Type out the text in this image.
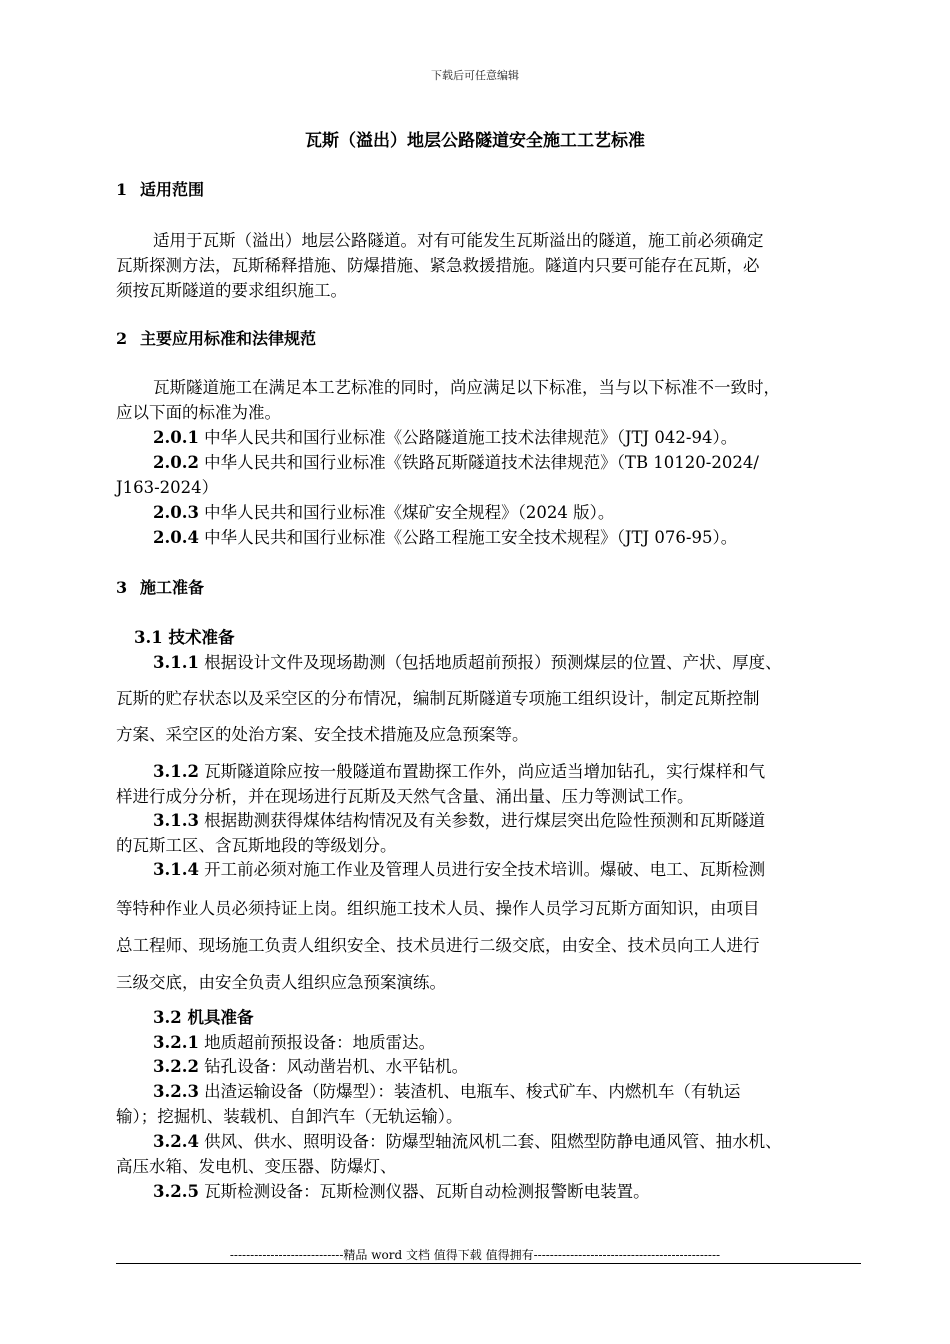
下载后可任意编辑
瓦斯（溢出）地层公路隧道安全施工工艺标准
1 适用范围
适用于瓦斯（溢出）地层公路隧道。对有可能发生瓦斯溢出的隧道，施工前必须确定
瓦斯探测方法，瓦斯稀释措施、防爆措施、紧急救援措施。隧道内只要可能存在瓦斯，必
须按瓦斯隧道的要求组织施工。
2 主要应用标准和法律规范
瓦斯隧道施工在满足本工艺标准的同时，尚应满足以下标准，当与以下标准不一致时，
应以下面的标准为准。
2.0.1 中华人民共和国行业标准《公路隧道施工技术法律规范》（JTJ 042-94）。
2.0.2 中华人民共和国行业标准《铁路瓦斯隧道技术法律规范》（TB 10120-2024/
J163-2024）
2.0.3 中华人民共和国行业标准《煤矿安全规程》（2024 版）。
2.0.4 中华人民共和国行业标准《公路工程施工安全技术规程》（JTJ 076-95）。
3 施工准备
3.1 技术准备
3.1.1 根据设计文件及现场勘测（包括地质超前预报）预测煤层的位置、产状、厚度、
瓦斯的贮存状态以及采空区的分布情况，编制瓦斯隧道专项施工组织设计，制定瓦斯控制
方案、采空区的处治方案、安全技术措施及应急预案等。
3.1.2 瓦斯隧道除应按一般隧道布置勘探工作外，尚应适当增加钻孔，实行煤样和气
样进行成分分析，并在现场进行瓦斯及天然气含量、涌出量、压力等测试工作。
3.1.3 根据勘测获得煤体结构情况及有关参数，进行煤层突出危险性预测和瓦斯隧道
的瓦斯工区、含瓦斯地段的等级划分。
3.1.4 开工前必须对施工作业及管理人员进行安全技术培训。爆破、电工、瓦斯检测
等特种作业人员必须持证上岗。组织施工技术人员、操作人员学习瓦斯方面知识，由项目
总工程师、现场施工负责人组织安全、技术员进行二级交底，由安全、技术员向工人进行
三级交底，由安全负责人组织应急预案演练。
3.2 机具准备
3.2.1 地质超前预报设备：地质雷达。
3.2.2 钻孔设备：风动凿岩机、水平钻机。
3.2.3 出渣运输设备（防爆型）：装渣机、电瓶车、梭式矿车、内燃机车（有轨运
输）；挖掘机、装载机、自卸汽车（无轨运输）。
3.2.4 供风、供水、照明设备：防爆型轴流风机二套、阻燃型防静电通风管、抽水机、
高压水箱、发电机、变压器、防爆灯、
3.2.5 瓦斯检测设备：瓦斯检测仪器、瓦斯自动检测报警断电装置。
----------------------------精品 word 文档 值得下载 值得拥有----------------------------------------------
